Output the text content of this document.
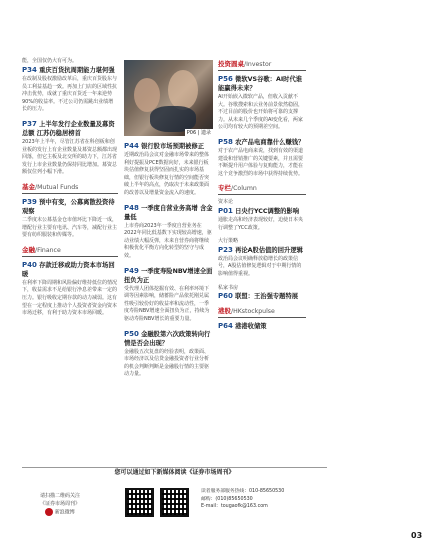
能，全国仅仍大有可为。
P34 重庆百货抗周期能力堪何强
在改制及股权激励改革后，重庆百货股东与员工利益基趋一致。再加上门店的区域性抗冲击优势，成就了重庆百货近一年来逆势90%的收益率。不过公司仍需跳出业绩增长的压力。
P37 上半年发行企业数量及募资总额 江苏仍稳居榜首
2023年上半年，尽管江苏省在科创板和创业板的发行上有企业数量及募资总额都出现回落，但它主板及北交所的助力下，江苏省发行上市企业数量仍保持同比增加。募资总额仅位列小幅下滑。
基金/Mutual Funds
P39 预中有变，公募离散投资待观察
二季度末公募基金仓市值环比下降近一成，增配行业主要有电讯、汽车等，减配行业主要有纺织服装和传媒等。
金融/Finance
P40 存款迁移或助力资本市场回暖
在利率下降周期和风险偏好维持低位的情况下，收益需求不足给银行净息差带来一定的压力。银行吸收定期存款的动力减弱。这有望在一定程度上推动个人投资者资金向资本市场迁移，有利于助力资本市场回暖。
P06 | 遗录
P44 银行股市场预期被修正
近期政治局会议对金融市场带来的整体利好提振及PCE数据向好，未来银行板块估值修复获得坚固而扎实的市场基础，但银行板块修复行情的空间能否突破上半年的高点，仍取决于未来政策面的改善以及增量资金流入的速度。
P48 一季度自营业务高增 含金量低
上市券商2023年一季度自营业务在2022年同比低基数下实现较高增速，驱动业绩大幅反弹，未来自营券商将继续积极优化平衡方向化转型的坚守与成效。
P49 一季度寿险NBV增速全面扭负为正
受代理人团体挖掘有效、在利率环境下调等因素影响，储蓄险产品依托刚兑属性吸引较份好的收益率和流动性，一季度寿险NBV增速全面扭负为正，持续为驱动寿险NBV增长的重要力量。
P50 金融股第六次政策转向行情是否会出现？
金融股五次复盘的经验表明，政策面、市场经济以及信贷金融投资者行业分析的机会判断判断是金融股行情的主要驱动力量。
投资圆桌/Investor
P56 微软VS谷歌：AI时代谁能赢得未来？
AI开始嵌入微软产品，但收入贡献不大。谷歌搜索和云业务前景依然稳固，不过目前的股价也开始将可靠的支撑力。从未来几个季度的AI变化看，两家公司均有较大的预期差空间。
P58 农产品电商靠什么赚钱？
对于农产品电商来说，找到有效的渠道建设和营销推广的关键要素，并且需要不断提升用户体验与复购能力，才能在这个竞争激烈的市场中获得持续优势。
专栏/Column
资本论
P01 日央行YCC调整的影响
通胀走高和经济表现较好，迫使日本央行调整了YCC政策。
大行策略
P23 再论A股估值的回升逻辑
政治局会议明确释放稳增长的政策信号，A股估值修复逻辑对于中期行情的影响值得重视。
私家书房
P60 联盟：王治强专题特展
港股/HKstockpulse
P64 港港收储策
您可以通过如下新媒体阅读《证券市场周刊》
请扫描二维码关注
《证券市场周刊》
新浪微博
读者服务部服务热线：010-85650530
邮购：(010)85650530
E-mail：tougaofk@163.com
03
